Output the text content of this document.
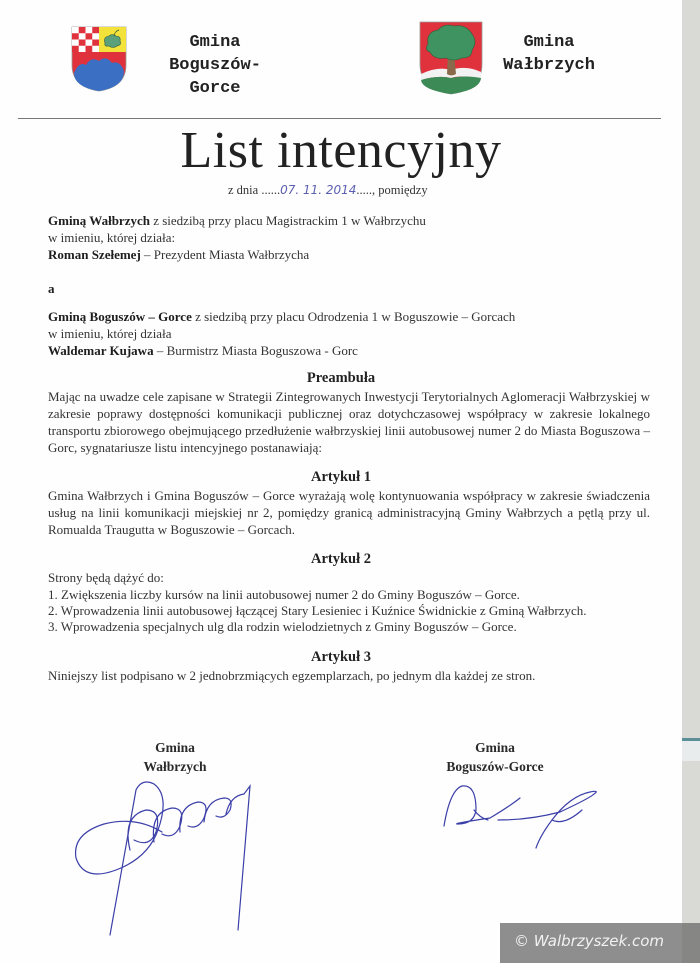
Gmina
Boguszów-
Gorce
Gmina
Wałbrzych
List intencyjny
z dnia ......07. 11. 2014....., pomiędzy
Gminą Wałbrzych z siedzibą przy placu Magistrackim 1 w Wałbrzychu
w imieniu, której działa:
Roman Szełemej – Prezydent Miasta Wałbrzycha
a
Gminą Boguszów – Gorce z siedzibą przy placu Odrodzenia 1 w Boguszowie – Gorcach
w imieniu, której działa
Waldemar Kujawa – Burmistrz Miasta Boguszowa - Gorc
Preambuła
Mając na uwadze cele zapisane w Strategii Zintegrowanych Inwestycji Terytorialnych Aglomeracji Wałbrzyskiej w zakresie poprawy dostępności komunikacji publicznej oraz dotychczasowej współpracy w zakresie lokalnego transportu zbiorowego obejmującego przedłużenie wałbrzyskiej linii autobusowej numer 2 do Miasta Boguszowa – Gorc, sygnatariusze listu intencyjnego postanawiają:
Artykuł 1
Gmina Wałbrzych i Gmina Boguszów – Gorce wyrażają wolę kontynuowania współpracy w zakresie świadczenia usług na linii komunikacji miejskiej nr 2, pomiędzy granicą administracyjną Gminy Wałbrzych a pętlą przy ul. Romualda Traugutta w Boguszowie – Gorcach.
Artykuł 2
Strony będą dążyć do:
1. Zwiększenia liczby kursów na linii autobusowej numer 2 do Gminy Boguszów – Gorce.
2. Wprowadzenia linii autobusowej łączącej Stary Lesieniec i Kuźnice Świdnickie z Gminą Wałbrzych.
3. Wprowadzenia specjalnych ulg dla rodzin wielodzietnych z Gminy Boguszów – Gorce.
Artykuł 3
Niniejszy list podpisano w 2 jednobrzmiących egzemplarzach, po jednym dla każdej ze stron.
Gmina
Wałbrzych
Gmina
Boguszów-Gorce
© Walbrzyszek.com
